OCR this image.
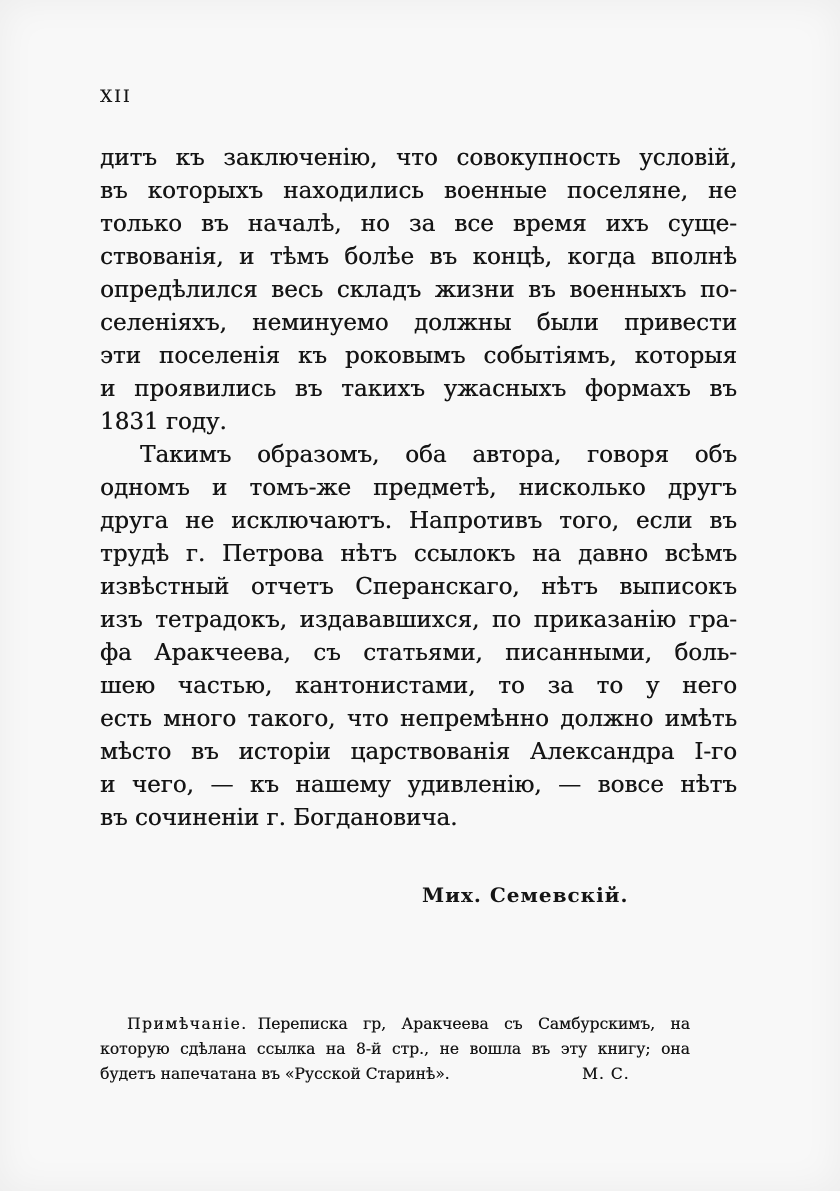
XII
дитъ къ заключенію, что совокупность условій,
въ которыхъ находились военные поселяне, не
только въ началѣ, но за все время ихъ суще-
ствованія, и тѣмъ болѣе въ концѣ, когда вполнѣ
опредѣлился весь складъ жизни въ военныхъ по-
селеніяхъ, неминуемо должны были привести
эти поселенія къ роковымъ событіямъ, которыя
и проявились въ такихъ ужасныхъ формахъ въ
1831 году.
Такимъ образомъ, оба автора, говоря объ
одномъ и томъ-же предметѣ, нисколько другъ
друга не исключаютъ. Напротивъ того, если въ
трудѣ г. Петрова нѣтъ ссылокъ на давно всѣмъ
извѣстный отчетъ Сперанскаго, нѣтъ выписокъ
изъ тетрадокъ, издававшихся, по приказанію гра-
фа Аракчеева, съ статьями, писанными, боль-
шею частью, кантонистами, то за то у него
есть много такого, что непремѣнно должно имѣть
мѣсто въ исторіи царствованія Александра I-го
и чего, — къ нашему удивленію, — вовсе нѣтъ
въ сочиненіи г. Богдановича.
Мих. Семевскій.
Примѣчаніе. Переписка гр, Аракчеева съ Самбурскимъ, на
которую сдѣлана ссылка на 8-й стр., не вошла въ эту книгу; она
будетъ напечатана въ «Русской Старинѣ».	М. С.
